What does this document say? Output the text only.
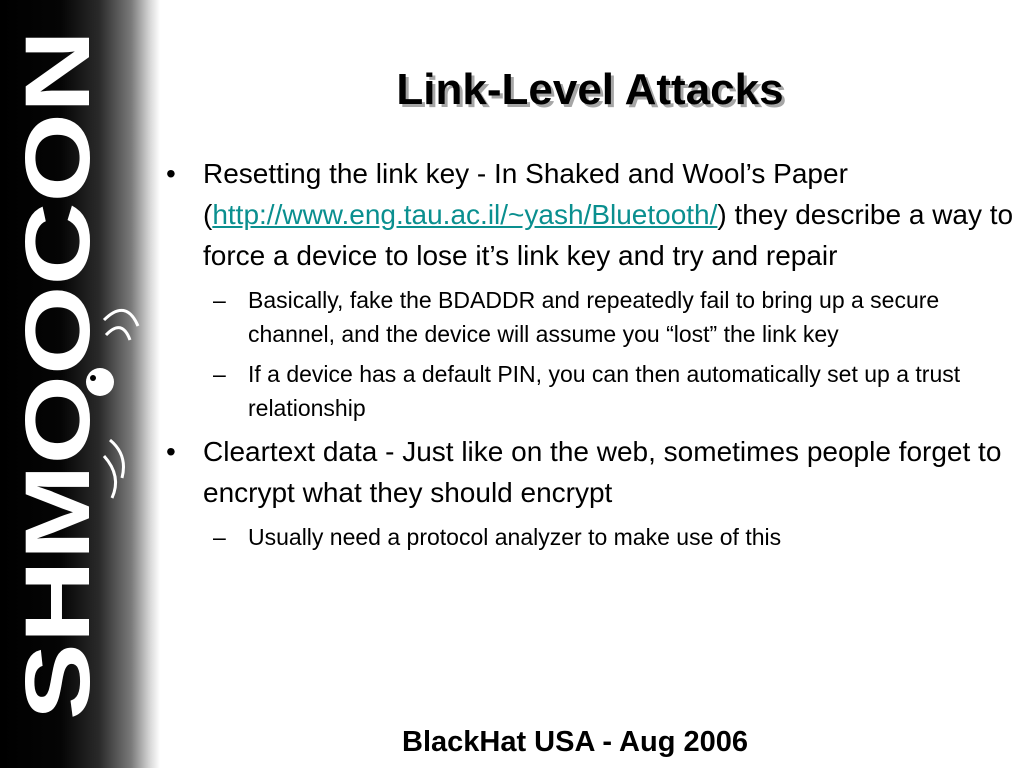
SHMOOCON
Link-Level Attacks
• Resetting the link key - In Shaked and Wool’s Paper (http://www.eng.tau.ac.il/~yash/Bluetooth/) they describe a way to force a device to lose it’s link key and try and repair
– Basically, fake the BDADDR and repeatedly fail to bring up a secure channel, and the device will assume you “lost” the link key
– If a device has a default PIN, you can then automatically set up a trust relationship
• Cleartext data - Just like on the web, sometimes people forget to encrypt what they should encrypt
– Usually need a protocol analyzer to make use of this
BlackHat USA - Aug 2006
